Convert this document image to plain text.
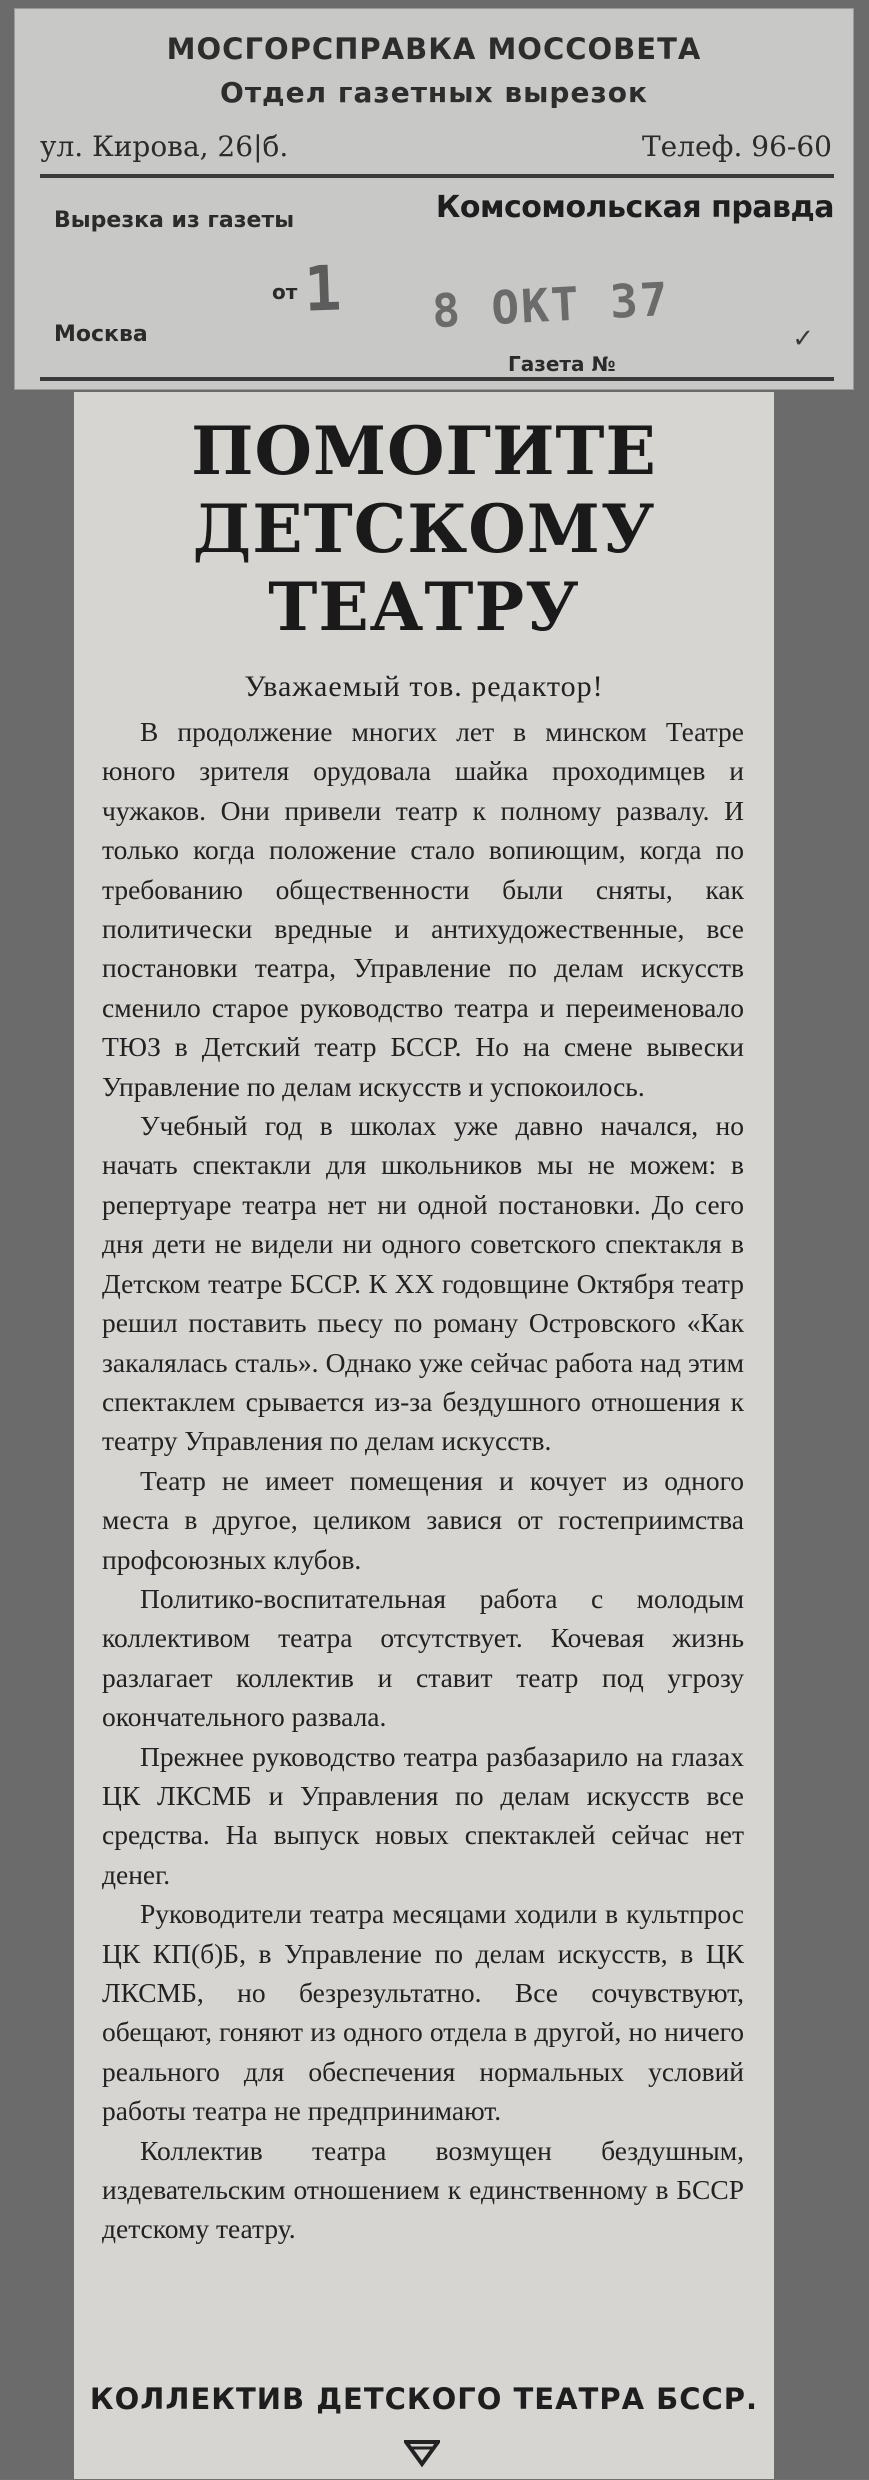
МОСГОРСПРАВКА МОССОВЕТА
Отдел газетных вырезок
ул. Кирова, 26|б.	Телеф. 96-60
Вырезка из газеты	Комсомольская правда
Москва
от 1 8 ОКТ 37
Газета №
✓
ПОМОГИТЕ
ДЕТСКОМУ
ТЕАТРУ
Уважаемый тов. редактор!

В продолжение многих лет в минском Театре юного зрителя орудовала шайка проходимцев и чужаков. Они привели театр к полному развалу. И только когда положение стало вопиющим, когда по требованию общественности были сняты, как политически вредные и антихудожественные, все постановки театра, Управление по делам искусств сменило старое руководство театра и переименовало ТЮЗ в Детский театр БССР. Но на смене вывески Управление по делам искусств и успокоилось.

Учебный год в школах уже давно начался, но начать спектакли для школьников мы не можем: в репертуаре театра нет ни одной постановки. До сего дня дети не видели ни одного советского спектакля в Детском театре БССР. К XX годовщине Октября театр решил поставить пьесу по роману Островского «Как закалялась сталь». Однако уже сейчас работа над этим спектаклем срывается из-за бездушного отношения к театру Управления по делам искусств.

Театр не имеет помещения и кочует из одного места в другое, целиком завися от гостеприимства профсоюзных клубов.

Политико-воспитательная работа с молодым коллективом театра отсутствует. Кочевая жизнь разлагает коллектив и ставит театр под угрозу окончательного развала.

Прежнее руководство театра разбазарило на глазах ЦК ЛКСМБ и Управления по делам искусств все средства. На выпуск новых спектаклей сейчас нет денег.

Руководители театра месяцами ходили в культпрос ЦК КП(б)Б, в Управление по делам искусств, в ЦК ЛКСМБ, но безрезультатно. Все сочувствуют, обещают, гоняют из одного отдела в другой, но ничего реального для обеспечения нормальных условий работы театра не предпринимают.

Коллектив театра возмущен бездушным, издевательским отношением к единственному в БССР детскому театру.

КОЛЛЕКТИВ ДЕТСКОГО ТЕАТРА БССР.
